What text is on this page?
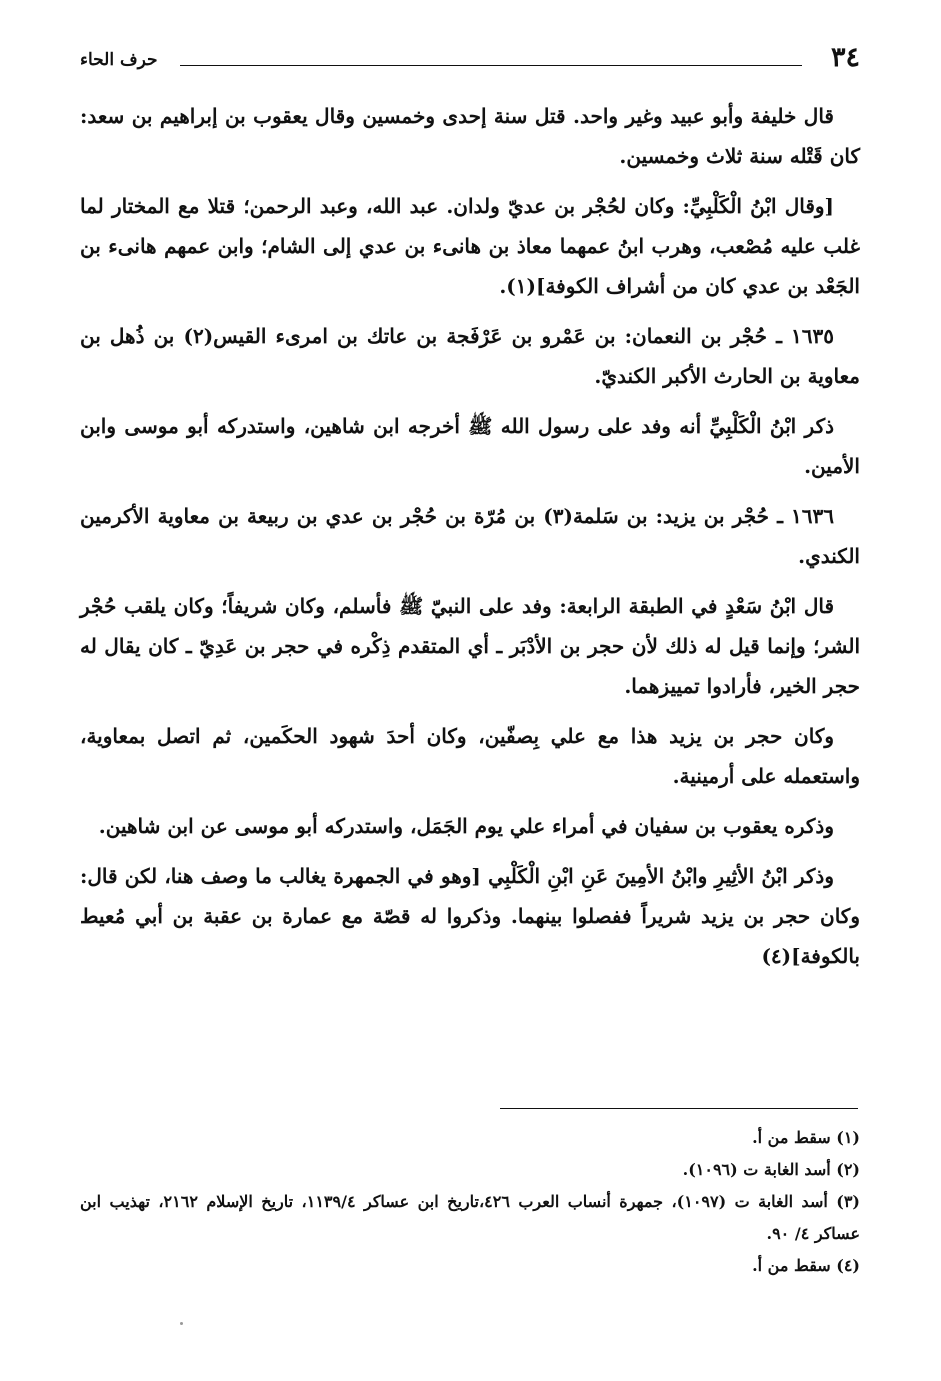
٣٤
حرف الحاء

قال خليفة وأبو عبيد وغير واحد. قتل سنة إحدى وخمسين وقال يعقوب بن إبراهيم بن سعد: كان قَتْله سنة ثلاث وخمسين.

[وقال ابْنُ الْكَلْبِيِّ: وكان لحُجْر بن عديّ ولدان. عبد الله، وعبد الرحمن؛ قتلا مع المختار لما غلب عليه مُصْعب، وهرب ابنُ عمهما معاذ بن هانىء بن عدي إلى الشام؛ وابن عمهم هانىء بن الجَعْد بن عدي كان من أشراف الكوفة](١).

١٦٣٥ ـ حُجْر بن النعمان: بن عَمْرو بن عَرْفَجة بن عاتك بن امرىء القيس(٢) بن ذُهل بن معاوية بن الحارث الأكبر الكنديّ.

ذكر ابْنُ الْكَلْبِيِّ أنه وفد على رسول الله ﷺ أخرجه ابن شاهين، واستدركه أبو موسى وابن الأمين.

١٦٣٦ ـ حُجْر بن يزيد: بن سَلمة(٣) بن مُرّة بن حُجْر بن عدي بن ربيعة بن معاوية الأكرمين الكندي.

قال ابْنُ سَعْدٍ في الطبقة الرابعة: وفد على النبيّ ﷺ فأسلم، وكان شريفاً؛ وكان يلقب حُجْر الشر؛ وإنما قيل له ذلك لأن حجر بن الأدْبَر ـ أي المتقدم ذِكْره في حجر بن عَدِيّ ـ كان يقال له حجر الخير، فأرادوا تمييزهما.

وكان حجر بن يزيد هذا مع علي بِصفّين، وكان أحدَ شهود الحكَمين، ثم اتصل بمعاوية، واستعمله على أرمينية.

وذكره يعقوب بن سفيان في أمراء علي يوم الجَمَل، واستدركه أبو موسى عن ابن شاهين.

وذكر ابْنُ الأثِيرِ وابْنُ الأمِينَ عَنِ ابْنِ الْكَلْبِي [وهو في الجمهرة يغالب ما وصف هنا، لكن قال: وكان حجر بن يزيد شريراً ففصلوا بينهما. وذكروا له قصّة مع عمارة بن عقبة بن أبي مُعيط بالكوفة](٤)

(١) سقط من أ.

(٢) أسد الغابة ت (١٠٩٦).

(٣) أسد الغابة ت (١٠٩٧)، جمهرة أنساب العرب ٤٢٦،تاريخ ابن عساكر ١١٣٩/٤، تاريخ الإسلام ٢١٦٢، تهذيب ابن عساكر ٤/ ٩٠.

(٤) سقط من أ.
